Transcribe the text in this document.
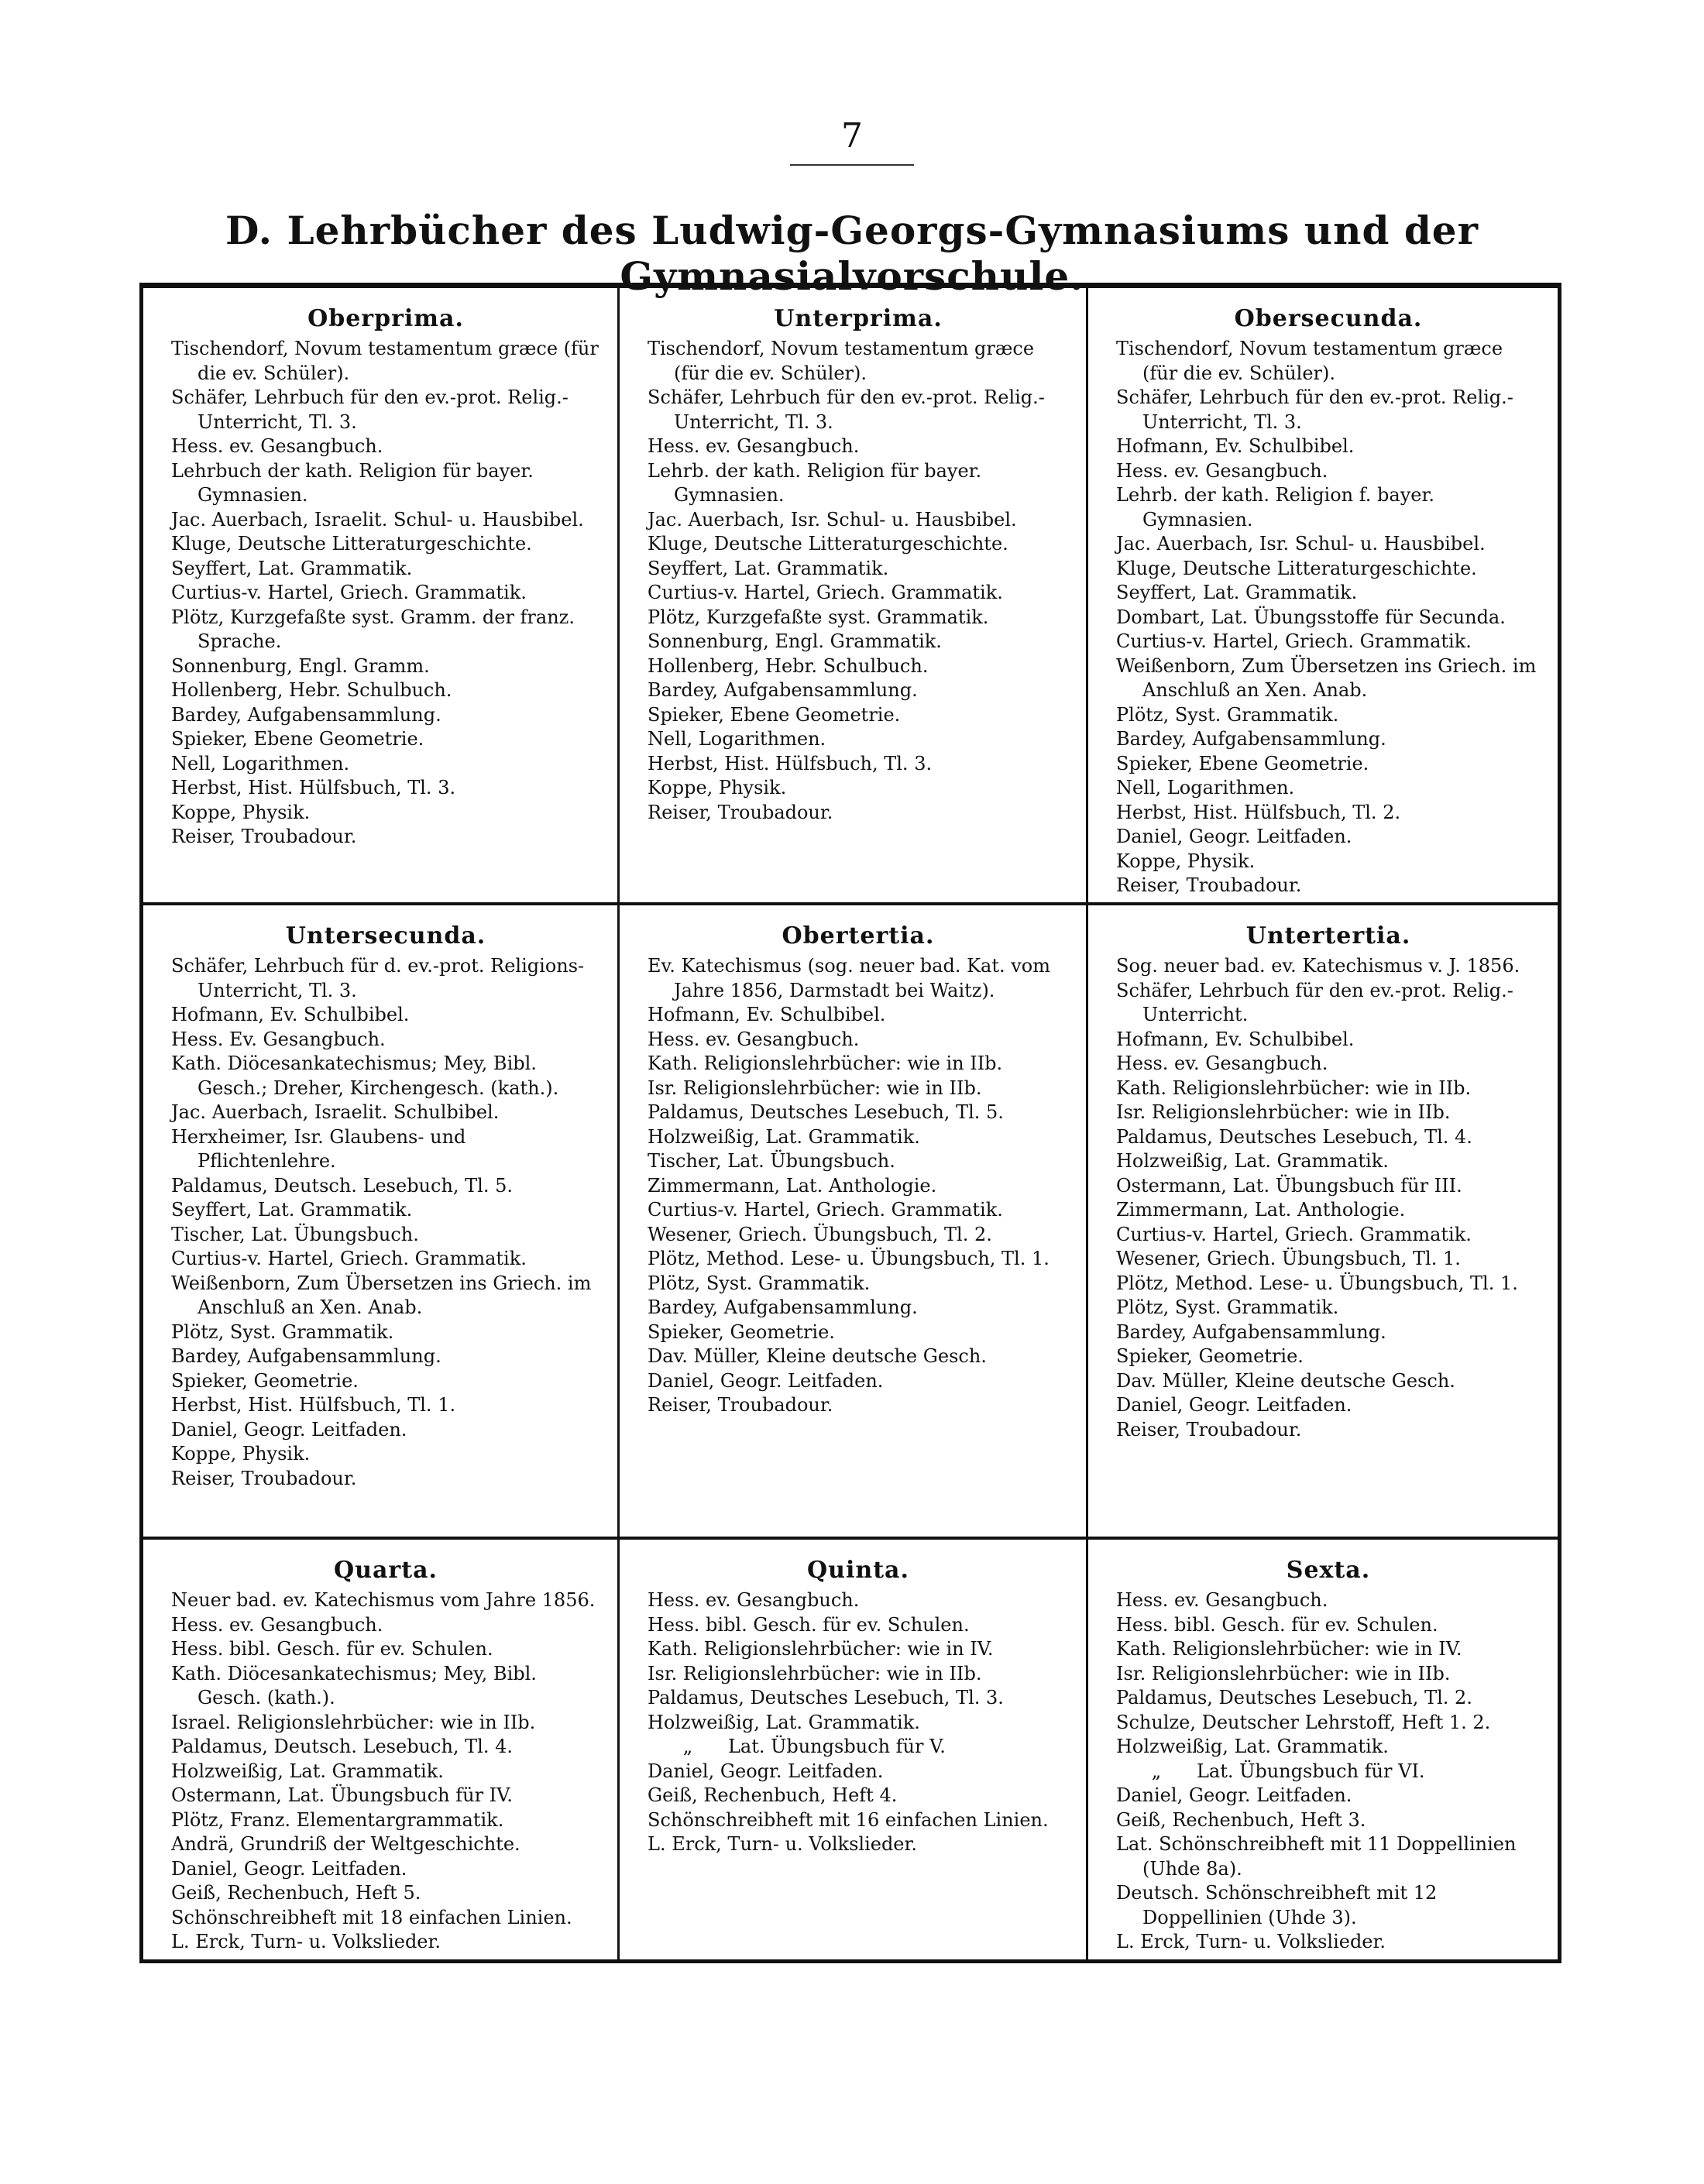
7
D. Lehrbücher des Ludwig-Georgs-Gymnasiums und der Gymnasialvorschule.
Oberprima.
Tischendorf, Novum testamentum græce (für die ev. Schüler).
Schäfer, Lehrbuch für den ev.-prot. Relig.-Unterricht, Tl. 3.
Hess. ev. Gesangbuch.
Lehrbuch der kath. Religion für bayer. Gymnasien.
Jac. Auerbach, Israelit. Schul- u. Hausbibel.
Kluge, Deutsche Litteraturgeschichte.
Seyffert, Lat. Grammatik.
Curtius-v. Hartel, Griech. Grammatik.
Plötz, Kurzgefaßte syst. Gramm. der franz. Sprache.
Sonnenburg, Engl. Gramm.
Hollenberg, Hebr. Schulbuch.
Bardey, Aufgabensammlung.
Spieker, Ebene Geometrie.
Nell, Logarithmen.
Herbst, Hist. Hülfsbuch, Tl. 3.
Koppe, Physik.
Reiser, Troubadour.
Unterprima.
Tischendorf, Novum testamentum græce (für die ev. Schüler).
Schäfer, Lehrbuch für den ev.-prot. Relig.-Unterricht, Tl. 3.
Hess. ev. Gesangbuch.
Lehrb. der kath. Religion für bayer. Gymnasien.
Jac. Auerbach, Isr. Schul- u. Hausbibel.
Kluge, Deutsche Litteraturgeschichte.
Seyffert, Lat. Grammatik.
Curtius-v. Hartel, Griech. Grammatik.
Plötz, Kurzgefaßte syst. Grammatik.
Sonnenburg, Engl. Grammatik.
Hollenberg, Hebr. Schulbuch.
Bardey, Aufgabensammlung.
Spieker, Ebene Geometrie.
Nell, Logarithmen.
Herbst, Hist. Hülfsbuch, Tl. 3.
Koppe, Physik.
Reiser, Troubadour.
Obersecunda.
Tischendorf, Novum testamentum græce (für die ev. Schüler).
Schäfer, Lehrbuch für den ev.-prot. Relig.-Unterricht, Tl. 3.
Hofmann, Ev. Schulbibel.
Hess. ev. Gesangbuch.
Lehrb. der kath. Religion f. bayer. Gymnasien.
Jac. Auerbach, Isr. Schul- u. Hausbibel.
Kluge, Deutsche Litteraturgeschichte.
Seyffert, Lat. Grammatik.
Dombart, Lat. Übungsstoffe für Secunda.
Curtius-v. Hartel, Griech. Grammatik.
Weißenborn, Zum Übersetzen ins Griech. im Anschluß an Xen. Anab.
Plötz, Syst. Grammatik.
Bardey, Aufgabensammlung.
Spieker, Ebene Geometrie.
Nell, Logarithmen.
Herbst, Hist. Hülfsbuch, Tl. 2.
Daniel, Geogr. Leitfaden.
Koppe, Physik.
Reiser, Troubadour.
Untersecunda.
Schäfer, Lehrbuch für d. ev.-prot. Religions-Unterricht, Tl. 3.
Hofmann, Ev. Schulbibel.
Hess. Ev. Gesangbuch.
Kath. Diöcesankatechismus; Mey, Bibl. Gesch.; Dreher, Kirchengesch. (kath.).
Jac. Auerbach, Israelit. Schulbibel.
Herxheimer, Isr. Glaubens- und Pflichtenlehre.
Paldamus, Deutsch. Lesebuch, Tl. 5.
Seyffert, Lat. Grammatik.
Tischer, Lat. Übungsbuch.
Curtius-v. Hartel, Griech. Grammatik.
Weißenborn, Zum Übersetzen ins Griech. im Anschluß an Xen. Anab.
Plötz, Syst. Grammatik.
Bardey, Aufgabensammlung.
Spieker, Geometrie.
Herbst, Hist. Hülfsbuch, Tl. 1.
Daniel, Geogr. Leitfaden.
Koppe, Physik.
Reiser, Troubadour.
Obertertia.
Ev. Katechismus (sog. neuer bad. Kat. vom Jahre 1856, Darmstadt bei Waitz).
Hofmann, Ev. Schulbibel.
Hess. ev. Gesangbuch.
Kath. Religionslehrbücher: wie in IIb.
Isr. Religionslehrbücher: wie in IIb.
Paldamus, Deutsches Lesebuch, Tl. 5.
Holzweißig, Lat. Grammatik.
Tischer, Lat. Übungsbuch.
Zimmermann, Lat. Anthologie.
Curtius-v. Hartel, Griech. Grammatik.
Wesener, Griech. Übungsbuch, Tl. 2.
Plötz, Method. Lese- u. Übungsbuch, Tl. 1.
Plötz, Syst. Grammatik.
Bardey, Aufgabensammlung.
Spieker, Geometrie.
Dav. Müller, Kleine deutsche Gesch.
Daniel, Geogr. Leitfaden.
Reiser, Troubadour.
Untertertia.
Sog. neuer bad. ev. Katechismus v. J. 1856.
Schäfer, Lehrbuch für den ev.-prot. Relig.-Unterricht.
Hofmann, Ev. Schulbibel.
Hess. ev. Gesangbuch.
Kath. Religionslehrbücher: wie in IIb.
Isr. Religionslehrbücher: wie in IIb.
Paldamus, Deutsches Lesebuch, Tl. 4.
Holzweißig, Lat. Grammatik.
Ostermann, Lat. Übungsbuch für III.
Zimmermann, Lat. Anthologie.
Curtius-v. Hartel, Griech. Grammatik.
Wesener, Griech. Übungsbuch, Tl. 1.
Plötz, Method. Lese- u. Übungsbuch, Tl. 1.
Plötz, Syst. Grammatik.
Bardey, Aufgabensammlung.
Spieker, Geometrie.
Dav. Müller, Kleine deutsche Gesch.
Daniel, Geogr. Leitfaden.
Reiser, Troubadour.
Quarta.
Neuer bad. ev. Katechismus vom Jahre 1856.
Hess. ev. Gesangbuch.
Hess. bibl. Gesch. für ev. Schulen.
Kath. Diöcesankatechismus; Mey, Bibl. Gesch. (kath.).
Israel. Religionslehrbücher: wie in IIb.
Paldamus, Deutsch. Lesebuch, Tl. 4.
Holzweißig, Lat. Grammatik.
Ostermann, Lat. Übungsbuch für IV.
Plötz, Franz. Elementargrammatik.
Andrä, Grundriß der Weltgeschichte.
Daniel, Geogr. Leitfaden.
Geiß, Rechenbuch, Heft 5.
Schönschreibheft mit 18 einfachen Linien.
L. Erck, Turn- u. Volkslieder.
Quinta.
Hess. ev. Gesangbuch.
Hess. bibl. Gesch. für ev. Schulen.
Kath. Religionslehrbücher: wie in IV.
Isr. Religionslehrbücher: wie in IIb.
Paldamus, Deutsches Lesebuch, Tl. 3.
Holzweißig, Lat. Grammatik.
„      Lat. Übungsbuch für V.
Daniel, Geogr. Leitfaden.
Geiß, Rechenbuch, Heft 4.
Schönschreibheft mit 16 einfachen Linien.
L. Erck, Turn- u. Volkslieder.
Sexta.
Hess. ev. Gesangbuch.
Hess. bibl. Gesch. für ev. Schulen.
Kath. Religionslehrbücher: wie in IV.
Isr. Religionslehrbücher: wie in IIb.
Paldamus, Deutsches Lesebuch, Tl. 2.
Schulze, Deutscher Lehrstoff, Heft 1. 2.
Holzweißig, Lat. Grammatik.
„      Lat. Übungsbuch für VI.
Daniel, Geogr. Leitfaden.
Geiß, Rechenbuch, Heft 3.
Lat. Schönschreibheft mit 11 Doppellinien (Uhde 8a).
Deutsch. Schönschreibheft mit 12 Doppellinien (Uhde 3).
L. Erck, Turn- u. Volkslieder.
